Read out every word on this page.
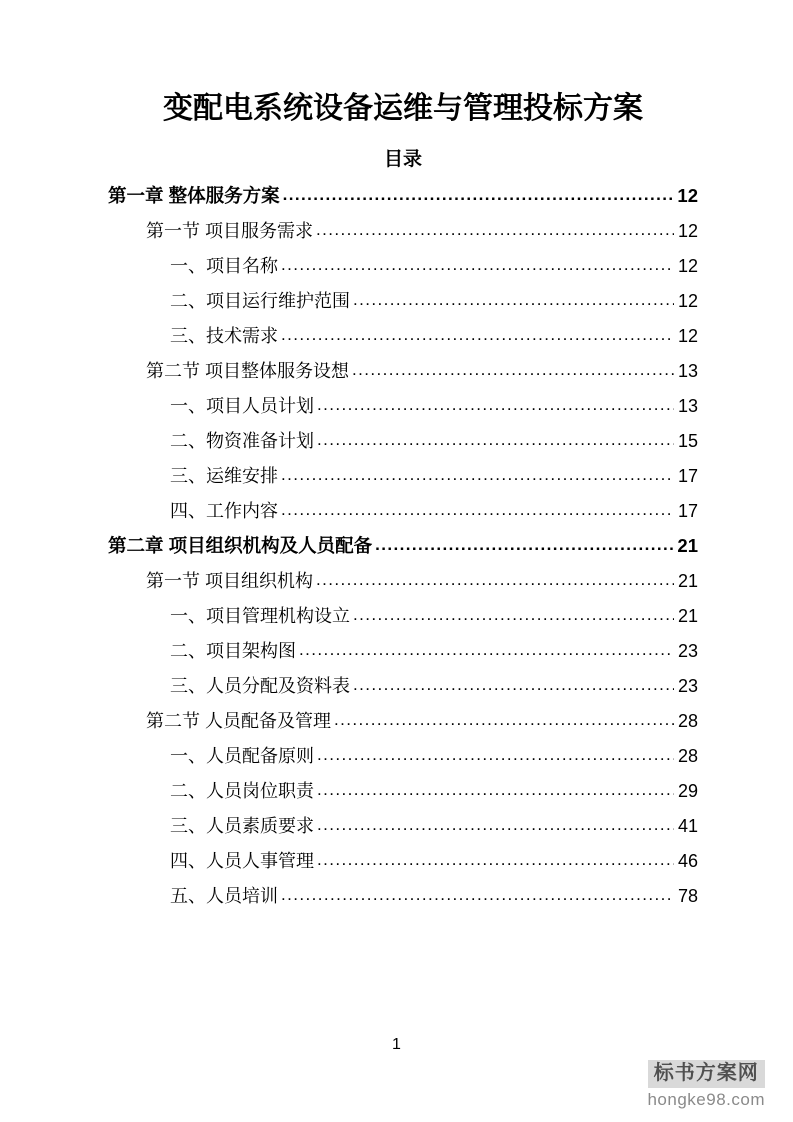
变配电系统设备运维与管理投标方案
目录
第一章 整体服务方案 .....	12
第一节 项目服务需求 .....	12
一、项目名称 .....	12
二、项目运行维护范围 .....	12
三、技术需求 .....	12
第二节 项目整体服务设想 .....	13
一、项目人员计划 .....	13
二、物资准备计划 .....	15
三、运维安排 .....	17
四、工作内容 .....	17
第二章 项目组织机构及人员配备 .....	21
第一节 项目组织机构 .....	21
一、项目管理机构设立 .....	21
二、项目架构图 .....	23
三、人员分配及资料表 .....	23
第二节 人员配备及管理 .....	28
一、人员配备原则 .....	28
二、人员岗位职责 .....	29
三、人员素质要求 .....	41
四、人员人事管理 .....	46
五、人员培训 .....	78
1
标书方案网
hongke98.com
